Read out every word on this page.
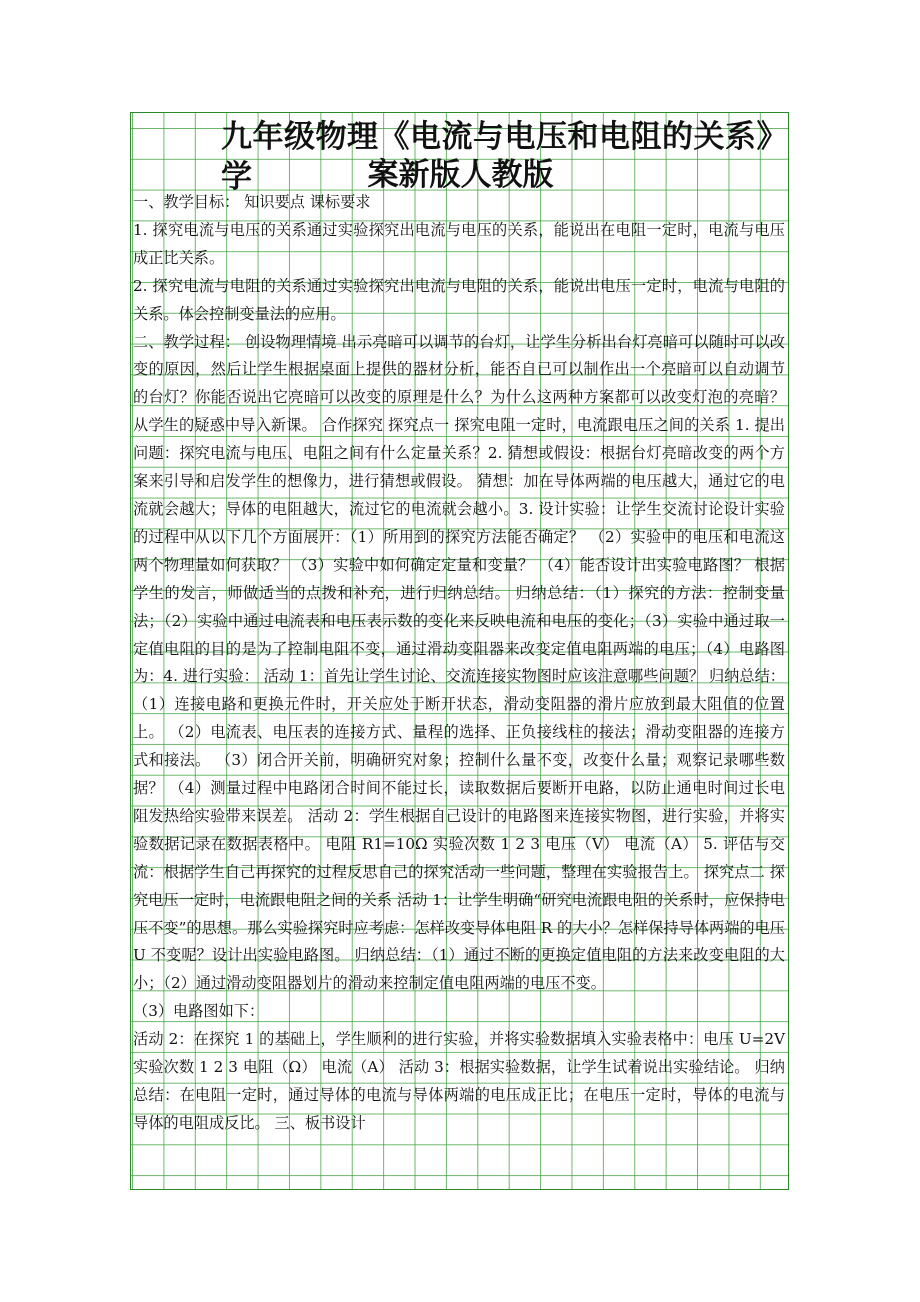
九年级物理《电流与电压和电阻的关系》学	案新版人教版

一、教学目标： 知识要点 课标要求

1. 探究电流与电压的关系通过实验探究出电流与电压的关系，能说出在电阻一定时，电流与电压成正比关系。

2. 探究电流与电阻的关系通过实验探究出电流与电阻的关系，能说出电压一定时，电流与电阻的关系。体会控制变量法的应用。

二、教学过程： 创设物理情境 出示亮暗可以调节的台灯，让学生分析出台灯亮暗可以随时可以改变的原因，然后让学生根据桌面上提供的器材分析，能否自已可以制作出一个亮暗可以自动调节的台灯？你能否说出它亮暗可以改变的原理是什么？为什么这两种方案都可以改变灯泡的亮暗？ 从学生的疑惑中导入新课。 合作探究 探究点一 探究电阻一定时，电流跟电压之间的关系 1. 提出问题：探究电流与电压、电阻之间有什么定量关系？2. 猜想或假设：根据台灯亮暗改变的两个方案来引导和启发学生的想像力，进行猜想或假设。 猜想：加在导体两端的电压越大，通过它的电流就会越大；导体的电阻越大，流过它的电流就会越小。3. 设计实验：让学生交流讨论设计实验的过程中从以下几个方面展开：（1）所用到的探究方法能否确定？ （2）实验中的电压和电流这两个物理量如何获取？ （3）实验中如何确定定量和变量？ （4）能否设计出实验电路图？ 根据学生的发言，师做适当的点拨和补充，进行归纳总结。 归纳总结：（1）探究的方法：控制变量法；（2）实验中通过电流表和电压表示数的变化来反映电流和电压的变化；（3）实验中通过取一定值电阻的目的是为了控制电阻不变，通过滑动变阻器来改变定值电阻两端的电压；（4）电路图为：4. 进行实验： 活动 1：首先让学生讨论、交流连接实物图时应该注意哪些问题？ 归纳总结： （1）连接电路和更换元件时，开关应处于断开状态，滑动变阻器的滑片应放到最大阻值的位置上。 （2）电流表、电压表的连接方式、量程的选择、正负接线柱的接法；滑动变阻器的连接方式和接法。 （3）闭合开关前，明确研究对象；控制什么量不变，改变什么量；观察记录哪些数据？ （4）测量过程中电路闭合时间不能过长，读取数据后要断开电路，以防止通电时间过长电阻发热给实验带来误差。 活动 2：学生根据自己设计的电路图来连接实物图，进行实验，并将实验数据记录在数据表格中。 电阻 R1=10Ω 实验次数 1 2 3 电压（V） 电流（A） 5. 评估与交流：根据学生自己再探究的过程反思自己的探究活动一些问题，整理在实验报告上。 探究点二 探究电压一定时，电流跟电阻之间的关系 活动 1：让学生明确“研究电流跟电阻的关系时，应保持电压不变”的思想。那么实验探究时应考虑：怎样改变导体电阻 R 的大小？怎样保持导体两端的电压 U 不变呢？设计出实验电路图。 归纳总结：（1）通过不断的更换定值电阻的方法来改变电阻的大小；（2）通过滑动变阻器划片的滑动来控制定值电阻两端的电压不变。

（3）电路图如下：

活动 2：在探究 1 的基础上，学生顺利的进行实验，并将实验数据填入实验表格中：电压 U=2V 实验次数 1 2 3 电阻（Ω） 电流（A） 活动 3：根据实验数据，让学生试着说出实验结论。 归纳总结：在电阻一定时，通过导体的电流与导体两端的电压成正比；在电压一定时，导体的电流与导体的电阻成反比。 三、板书设计
